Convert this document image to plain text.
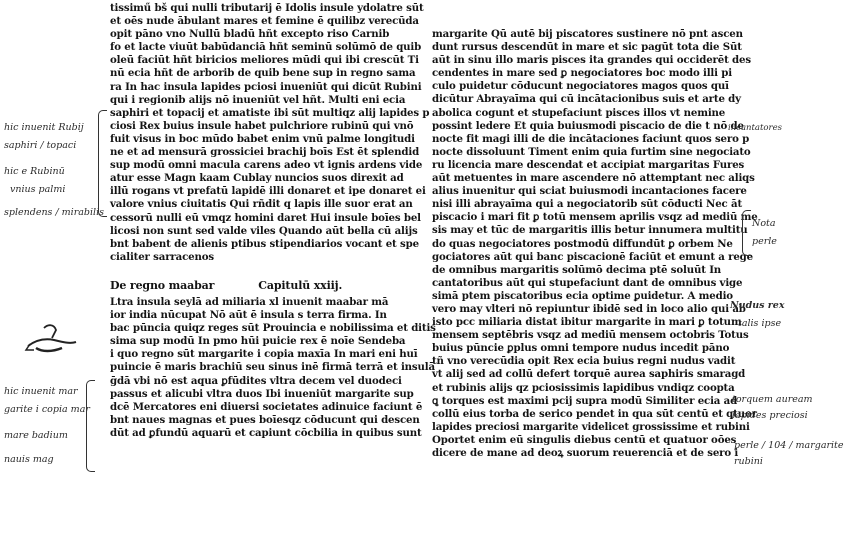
tissimű bš qui nulli tributarij ē Idolis insule ydolatre sūt
et oēs nude ābulant mares et femine ē quilibz verecūda
opit pāno vno Nullū bladū hñt excepto riso Carnib
fo et lacte viuūt babūdanciā hñt seminū solūmō de quib
oleū faciūt hñt biricios meliores mūdi qui ibi crescūt Ti
nū ecia hñt de arborib de quib bene sup in regno sama
ra In hac insula lapides pciosi inueniūt qui dicūt Rubini
qui i regionib alijs nō inueniūt vel hñt. Multi eni ecia
saphiri et topacij et amatiste ibi sūt multiqz alij lapides p
ciosi Rex buius insule habet pulchriore rubinū qui vnō
fuit visus in boc mūdo babet enim vnū palme longitudi
ne et ad mensurā grossiciei brachij boīs Est ēt splendid
sup modū omni macula carens adeo vt ignis ardens vide
atur esse Magn kaam Cublay nuncios suos direxit ad
illū rogans vt prefatū lapidē illi donaret et ipe donaret ei
valore vnius ciuitatis Qui rñdit q lapis ille suor erat an
cessorū nulli eū vmqz homini daret Hui insule boīes bel
licosi non sunt sed valde viles Quando aūt bella cū alijs
bnt babent de alienis ptibus stipendiarios vocant et spe
cialiter sarracenos
De regno maabar	Capitulū xxiij.
Ltra insula seylā ad miliaria xl inuenit maabar mā
ior india nūcupat Nō aūt ē insula s terra firma. In
bac pūncia quiqz reges sūt Prouincia e nobilissima et ditis
sima sup modū In pmo hūi puicie rex ē noīe Sendeba
i quo regno sūt margarite i copia maxīa In mari eni huī
puincie ē maris brachiū seu sinus inē firmā terrā et insulā
ḡdā vbi nō est aqua ꝑfūdites vltra decem vel duodeci
passus et alicubi vltra duos Ibi inueniūt margarite sup
dcē Mercatores eni diuersi societates adinuice faciunt ē
bnt naues magnas et pues boīesqz cōducunt qui descen
dūt ad ꝑfundū aquarū et capiunt cōcbilia in quibus sunt
margarite Qū autē bij piscatores sustinere nō pnt ascen
dunt rursus descendūt in mare et sic pagūt tota die Sūt
aūt in sinu illo maris pisces ita grandes qui occiderēt des
cendentes in mare sed ꝑ negociatores boc modo illi pi
culo puidetur cōducunt negociatores magos quos quī
dicūtur Abrayaīma qui cū incātacionibus suis et arte dy
abolica cogunt et stupefaciunt pisces illos vt nemine
possint ledere Et quia buiusmodi piscacio de die t nō de
nocte fit magi illi de die incātaciones faciunt quos sero p
nocte dissoluunt Timent enim quia furtim sine negociato
ru licencia mare descendat et accipiat margaritas Fures
aūt metuentes in mare ascendere nō attemptant nec aliqs
alius inuenitur qui sciat buiusmodi incantaciones facere
nisi illi abrayaīma qui a negociatorib sūt cōducti Nec āt
piscacio i mari fit ꝑ totū mensem aprilis vsqz ad mediū me
sis may et tūc de margaritis illis betur innumera multitu
do quas negociatores postmodū diffundūt ꝑ orbem Ne
gociatores aūt qui banc piscacionē faciūt et emunt a rege
de omnibus margaritis solūmō decima ptē soluūt In
cantatoribus aūt qui stupefaciunt dant de omnibus vige
simā ptem piscatoribus ecia optime ꝑuidetur. A medio
vero may vlteri nō repiuntur ibidē sed in loco alio qui ab
isto pcc miliaria distat ibitur margarite in mari ꝑ totum
mensem septēbris vsqz ad mediū mensem octobris Totus
buius pūncie ꝑplus omni tempore nudus incedit pāno
tñ vno verecūdia opit Rex ecia buius regni nudus vadit
vt alij sed ad collū defert torquē aurea saphiris smaragd
et rubinis alijs qz pciosissimis lapidibus vndiqz coopta
ꝗ torques est maximi pcij supra modū Similiter ecia ad
collū eius torba de serico pendet in qua sūt centū et qtuor
lapides preciosi margarite videlicet grossissime et rubini
Oportet enim eū singulis diebus centū et quatuor oōes
dicere de mane ad deoꝝ suorum reuerenciā et de sero i
hic inuenit Rubij
saphiri / topaci
hic e Rubinū
vnius palmi
splendens / mirabilis
hic inuenit mar
garite i copia mar
mare badium
nauis mag
incantatores
Nota
perle
Nudus rex
talis ipse
torquem auream
lapides preciosi
perle / 104 / margarite
rubini
